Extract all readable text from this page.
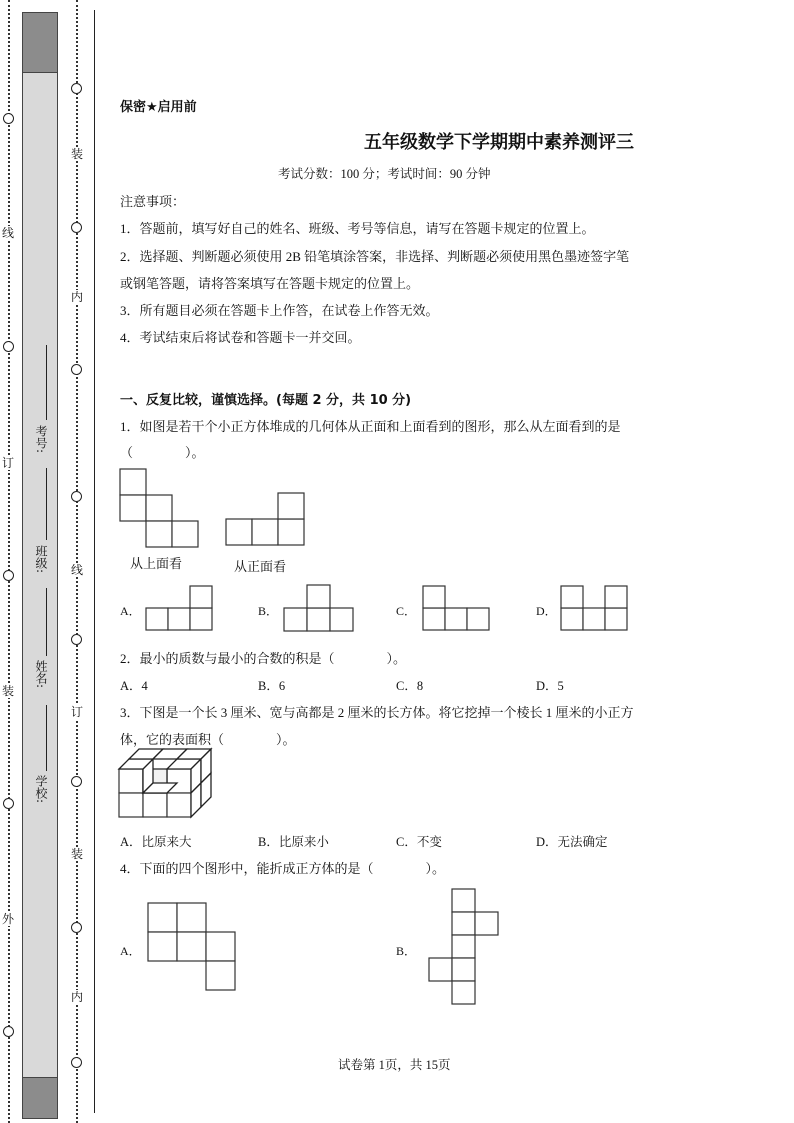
线
订
装
外
装
内
线
订
装
内
考号:
班级:
姓名:
学校:
保密★启用前
五年级数学下学期期中素养测评三
考试分数：100 分；考试时间：90 分钟
注意事项：
1．答题前，填写好自己的姓名、班级、考号等信息，请写在答题卡规定的位置上。
2．选择题、判断题必须使用 2B 铅笔填涂答案，非选择、判断题必须使用黑色墨迹签字笔
或钢笔答题，请将答案填写在答题卡规定的位置上。
3．所有题目必须在答题卡上作答，在试卷上作答无效。
4．考试结束后将试卷和答题卡一并交回。
一、反复比较，谨慎选择。(每题 2 分，共 10 分)
1．如图是若干个小正方体堆成的几何体从正面和上面看到的图形，那么从左面看到的是
（　　　　）。
从上面看	从正面看
A．	B．	C．	D．
2．最小的质数与最小的合数的积是（　　　　）。
A．4	B．6	C．8	D．5
3．下图是一个长 3 厘米、宽与高都是 2 厘米的长方体。将它挖掉一个棱长 1 厘米的小正方
体，它的表面积（　　　　）。
A．比原来大	B．比原来小	C．不变	D．无法确定
4．下面的四个图形中，能折成正方体的是（　　　　）。
A．	B．
试卷第 1页，共 15页
